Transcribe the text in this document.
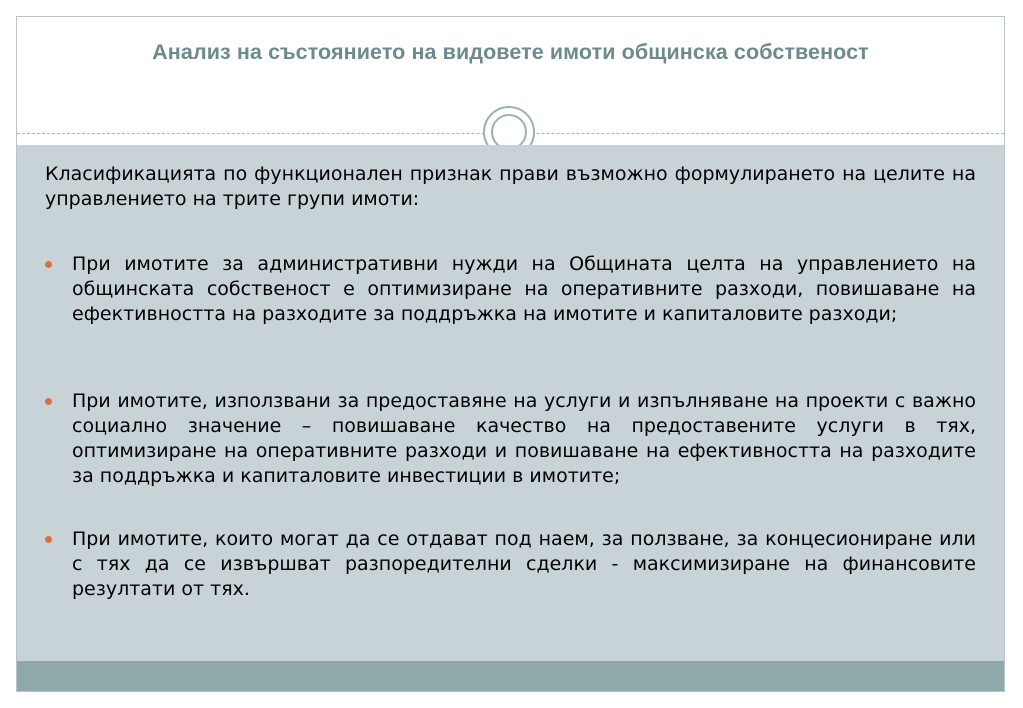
Анализ на състоянието на видовете имоти общинска собственост
Класификацията по функционален признак прави възможно формулирането на целите на управлението на трите групи имоти:
При имотите за административни нужди на Общината целта на управлението на общинската собственост е оптимизиране на оперативните разходи, повишаване на ефективността на разходите за поддръжка на имотите и капиталовите разходи;
При имотите, използвани за предоставяне на услуги и изпълняване на проекти с важно социално значение – повишаване качество на предоставените услуги в тях, оптимизиране на оперативните разходи и повишаване на ефективността на разходите за поддръжка и капиталовите инвестиции в имотите;
При имотите, които могат да се отдават под наем, за ползване, за концесиониране или с тях да се извършват разпоредителни сделки - максимизиране на финансовите резултати от тях.
